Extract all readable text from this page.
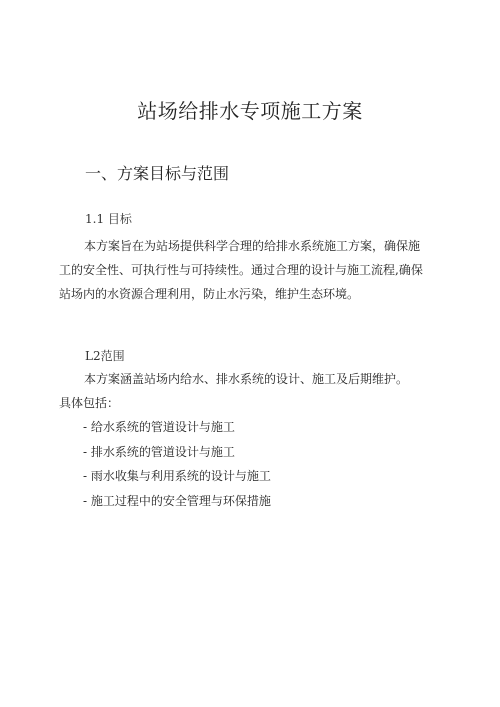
站场给排水专项施工方案
一、方案目标与范围
1.1 目标
本方案旨在为站场提供科学合理的给排水系统施工方案，确保施
工的安全性、可执行性与可持续性。通过合理的设计与施工流程,确保
站场内的水资源合理利用，防止水污染，维护生态环境。
L2范围
本方案涵盖站场内给水、排水系统的设计、施工及后期维护。
具体包括：
- 给水系统的管道设计与施工
- 排水系统的管道设计与施工
- 雨水收集与利用系统的设计与施工
- 施工过程中的安全管理与环保措施
